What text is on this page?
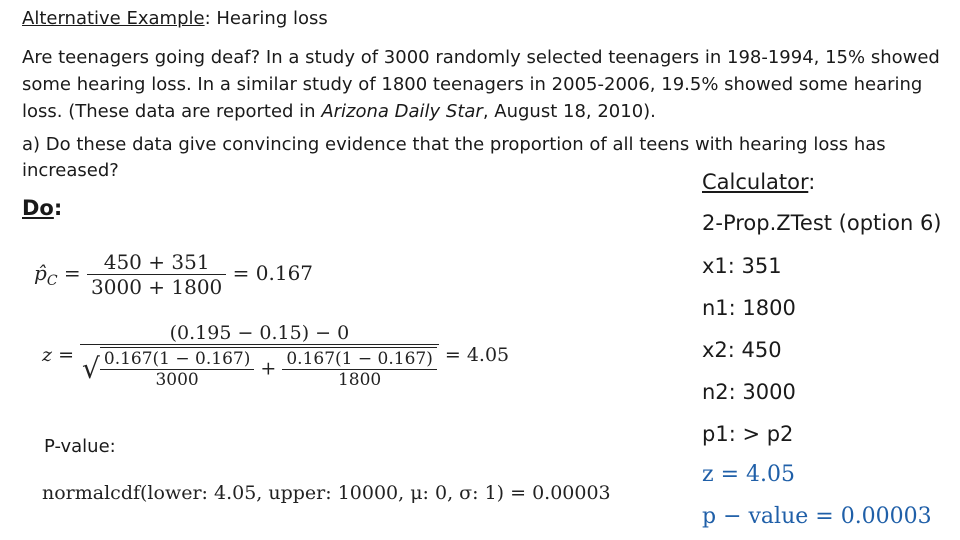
Alternative Example: Hearing loss
Are teenagers going deaf? In a study of 3000 randomly selected teenagers in 198-1994, 15% showed some hearing loss. In a similar study of 1800 teenagers in 2005-2006, 19.5% showed some hearing loss. (These data are reported in Arizona Daily Star, August 18, 2010).
a) Do these data give convincing evidence that the proportion of all teens with hearing loss has increased?
Do:
$p̂_C = \frac{450 + 351}{3000 + 1800} = 0.167$
z =
(0.195 − 0.15) − 0
√ $\frac{0.167(1 - 0.167)}{3000} + \frac{0.167(1 - 0.167)}{1800} = 4.05$
P-value:
normalcdf(lower: 4.05, upper: 10000, μ: 0, σ: 1) = 0.00003
Calculator:
2-Prop.ZTest (option 6)
x1: 351
n1: 1800
x2: 450
n2: 3000
p1: > p2
z = 4.05
p − value = 0.00003
